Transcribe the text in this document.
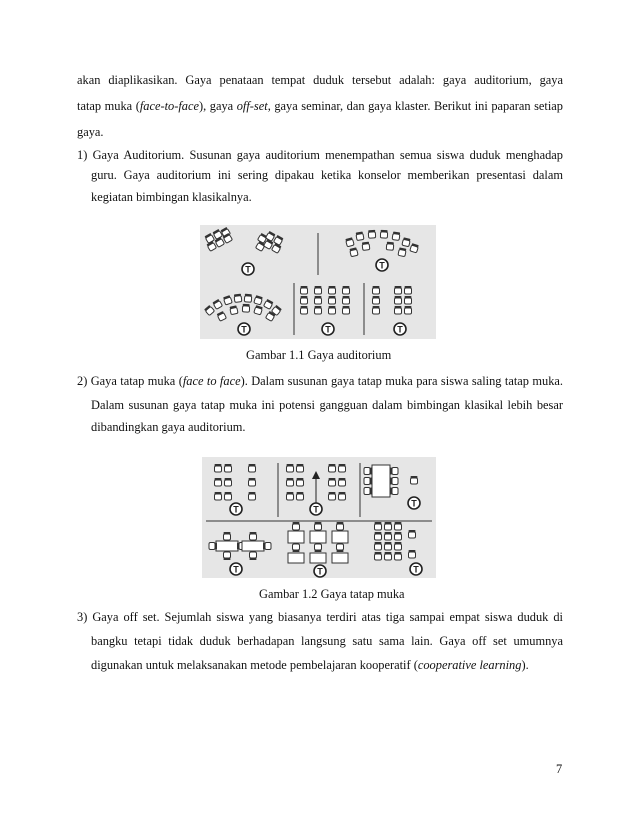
akan diaplikasikan. Gaya penataan tempat duduk tersebut adalah: gaya auditorium, gaya
tatap muka (face-to-face), gaya off-set, gaya seminar, dan gaya klaster. Berikut ini paparan setiap
gaya.
1) Gaya Auditorium. Susunan gaya auditorium menempathan semua siswa duduk menghadap
guru. Gaya auditorium ini sering dipakau ketika konselor memberikan presentasi dalam
kegiatan bimbingan klasikalnya.
T	T
T	T	T
Gambar 1.1 Gaya auditorium
2) Gaya tatap muka (face to face). Dalam susunan gaya tatap muka para siswa saling tatap muka.
Dalam susunan gaya tatap muka ini potensi gangguan dalam bimbingan klasikal lebih besar
dibandingkan gaya auditorium.
T	T
T
T	T	T
Gambar 1.2 Gaya tatap muka
3) Gaya off set. Sejumlah siswa yang biasanya terdiri atas tiga sampai empat siswa duduk di
bangku tetapi tidak duduk berhadapan langsung satu sama lain. Gaya off set umumnya
digunakan untuk melaksanakan metode pembelajaran kooperatif (cooperative learning).
7
